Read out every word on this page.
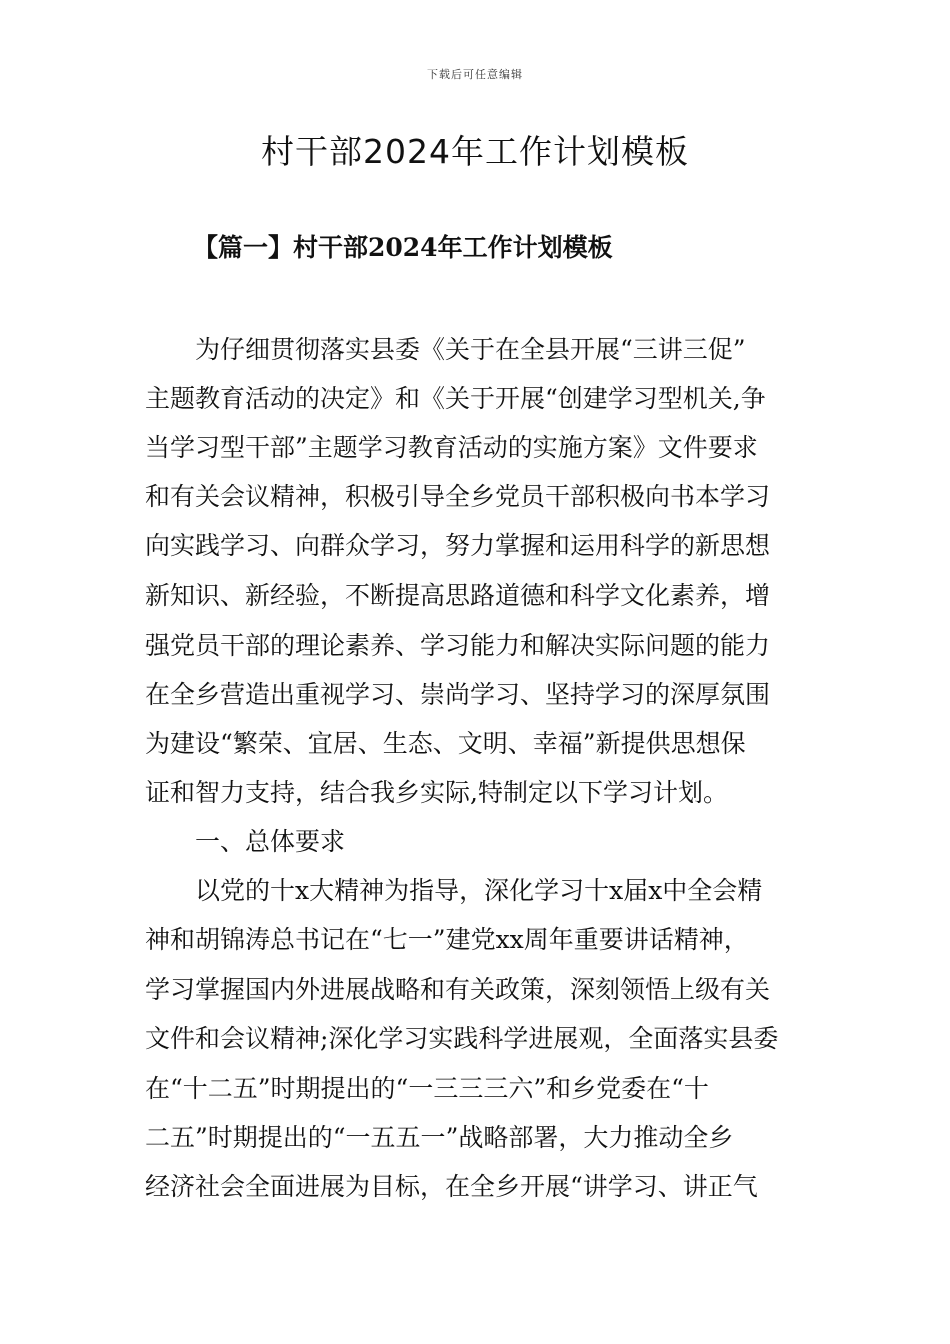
下载后可任意编辑
村干部2024年工作计划模板
【篇一】村干部2024年工作计划模板

为仔细贯彻落实县委《关于在全县开展“三讲三促”

主题教育活动的决定》和《关于开展“创建学习型机关,争

当学习型干部”主题学习教育活动的实施方案》文件要求

和有关会议精神，积极引导全乡党员干部积极向书本学习

向实践学习、向群众学习，努力掌握和运用科学的新思想

新知识、新经验，不断提高思路道德和科学文化素养，增

强党员干部的理论素养、学习能力和解决实际问题的能力

在全乡营造出重视学习、崇尚学习、坚持学习的深厚氛围

为建设“繁荣、宜居、生态、文明、幸福”新提供思想保

证和智力支持，结合我乡实际,特制定以下学习计划。

一、总体要求

以党的十x大精神为指导，深化学习十x届x中全会精

神和胡锦涛总书记在“七一”建党xx周年重要讲话精神，

学习掌握国内外进展战略和有关政策，深刻领悟上级有关

文件和会议精神;深化学习实践科学进展观，全面落实县委

在“十二五”时期提出的“一三三三六”和乡党委在“十

二五”时期提出的“一五五一”战略部署，大力推动全乡

经济社会全面进展为目标，在全乡开展“讲学习、讲正气
